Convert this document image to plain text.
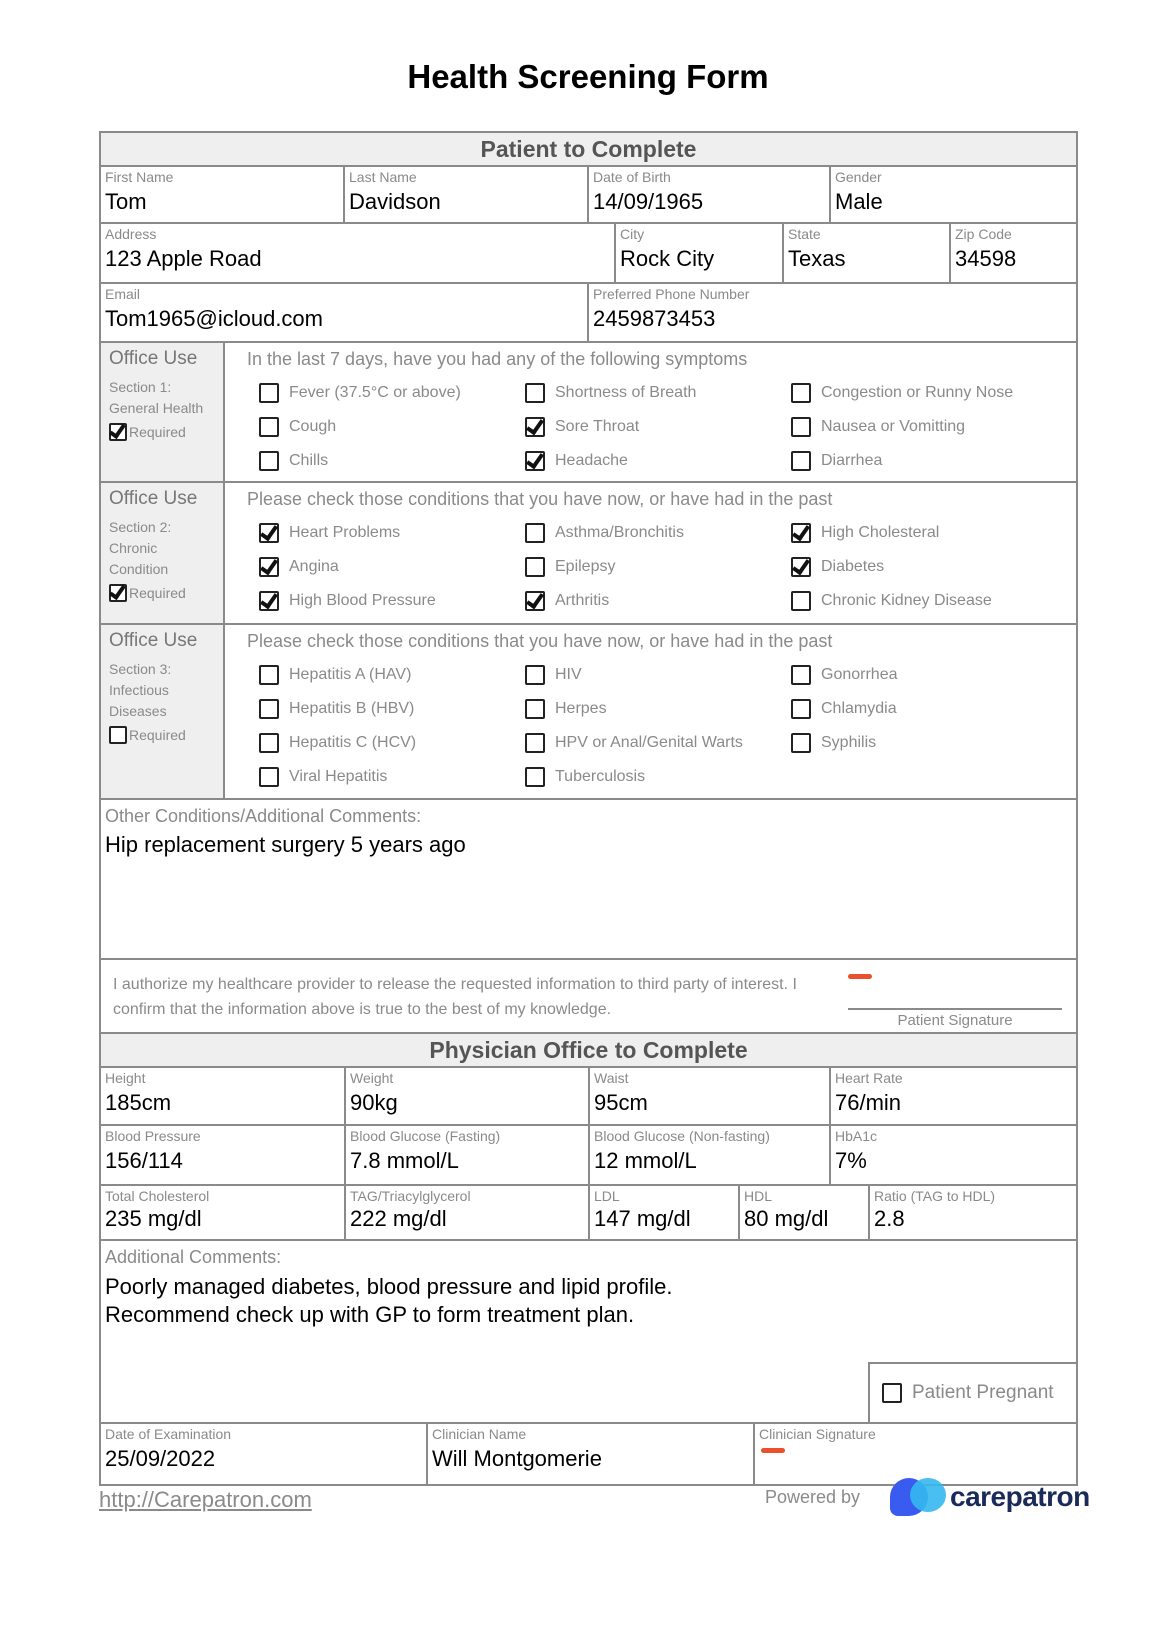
Health Screening Form
Patient to Complete
First Name
Tom
Last Name
Davidson
Date of Birth
14/09/1965
Gender
Male
Address
123 Apple Road
City
Rock City
State
Texas
Zip Code
34598
Email
Tom1965@icloud.com
Preferred Phone Number
2459873453
Office Use
Section 1: General Health
Required
In the last 7 days, have you had any of the following symptoms
Fever (37.5°C or above)	Shortness of Breath	Congestion or Runny Nose
Cough	Sore Throat	Nausea or Vomitting
Chills	Headache	Diarrhea
Office Use
Section 2: Chronic Condition
Required
Please check those conditions that you have now, or have had in the past
Heart Problems	Asthma/Bronchitis	High Cholesteral
Angina	Epilepsy	Diabetes
High Blood Pressure	Arthritis	Chronic Kidney Disease
Office Use
Section 3: Infectious Diseases
Required
Please check those conditions that you have now, or have had in the past
Hepatitis A (HAV)	HIV	Gonorrhea
Hepatitis B (HBV)	Herpes	Chlamydia
Hepatitis C (HCV)	HPV or Anal/Genital Warts	Syphilis
Viral Hepatitis	Tuberculosis
Other Conditions/Additional Comments:
Hip replacement surgery 5 years ago
I authorize my healthcare provider to release the requested information to third party of interest. I confirm that the information above is true to the best of my knowledge.
Patient Signature
Physician Office to Complete
Height
185cm
Weight
90kg
Waist
95cm
Heart Rate
76/min
Blood Pressure
156/114
Blood Glucose (Fasting)
7.8 mmol/L
Blood Glucose (Non-fasting)
12 mmol/L
HbA1c
7%
Total Cholesterol
235 mg/dl
TAG/Triacylglycerol
222 mg/dl
LDL
147 mg/dl
HDL
80 mg/dl
Ratio (TAG to HDL)
2.8
Additional Comments:
Poorly managed diabetes, blood pressure and lipid profile.
Recommend check up with GP to form treatment plan.
Patient Pregnant
Date of Examination
25/09/2022
Clinician Name
Will Montgomerie
Clinician Signature
http://Carepatron.com	Powered by	carepatron
